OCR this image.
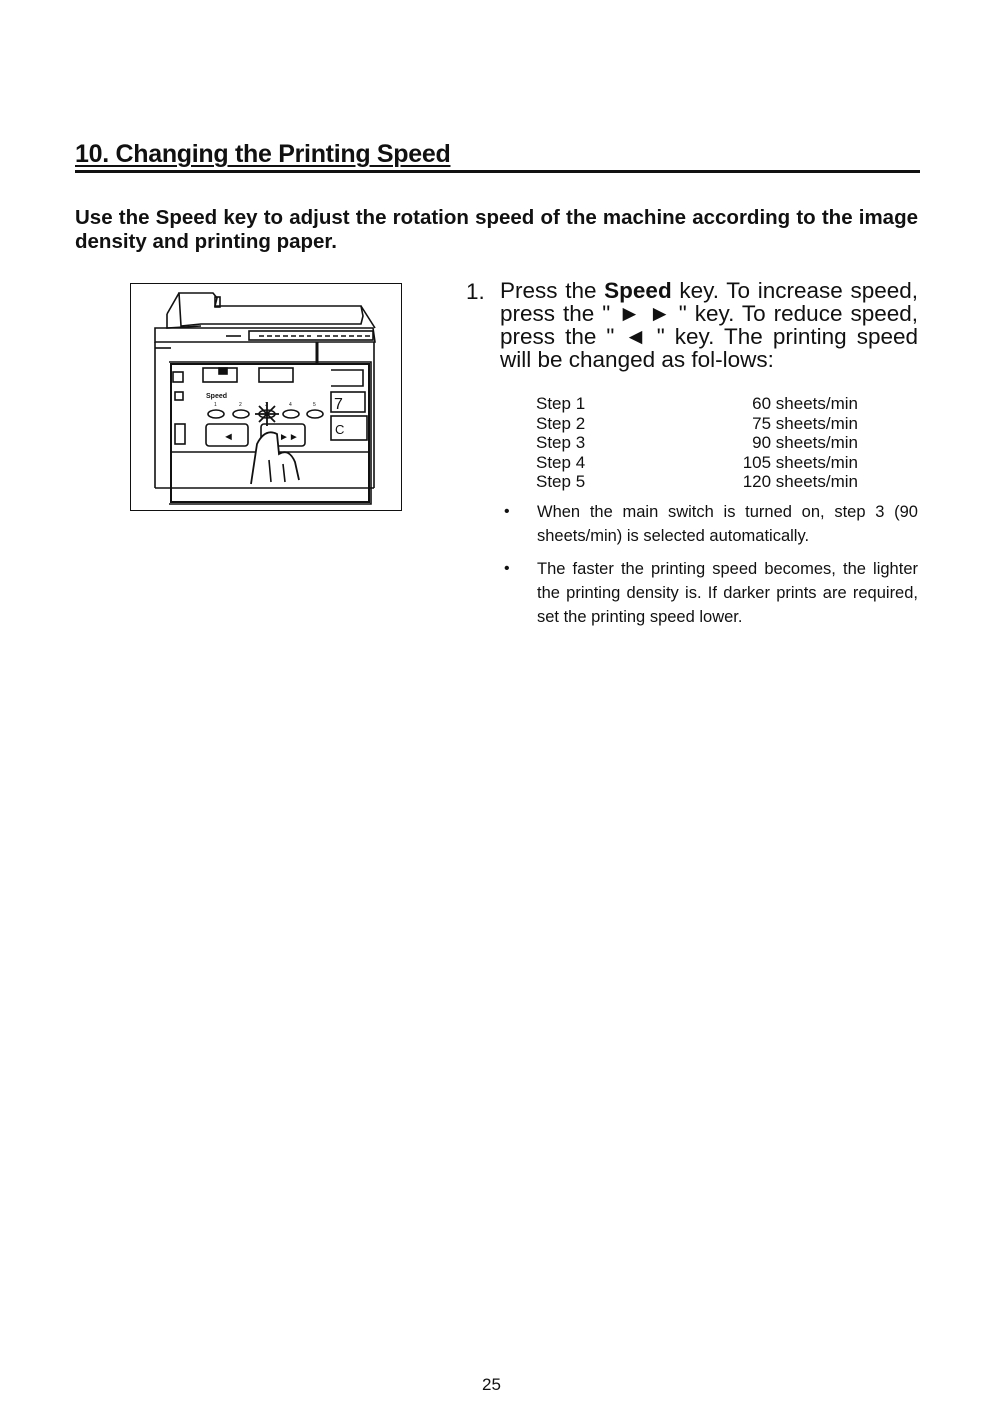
10. Changing the Printing Speed

Use the Speed key to adjust the rotation speed of the machine according to the image density and printing paper.

Speed
1	2	3	4	5
◄	►►
7
C
1. Press the Speed key. To increase speed, press the " ► ► " key. To reduce speed, press the " ◄ " key. The printing speed will be changed as fol-lows:

Step 1	60 sheets/min
Step 2	75 sheets/min
Step 3	90 sheets/min
Step 4	105 sheets/min
Step 5	120 sheets/min
• When the main switch is turned on, step 3 (90 sheets/min) is selected automatically.

• The faster the printing speed becomes, the lighter the printing density is. If darker prints are required, set the printing speed lower.

25
